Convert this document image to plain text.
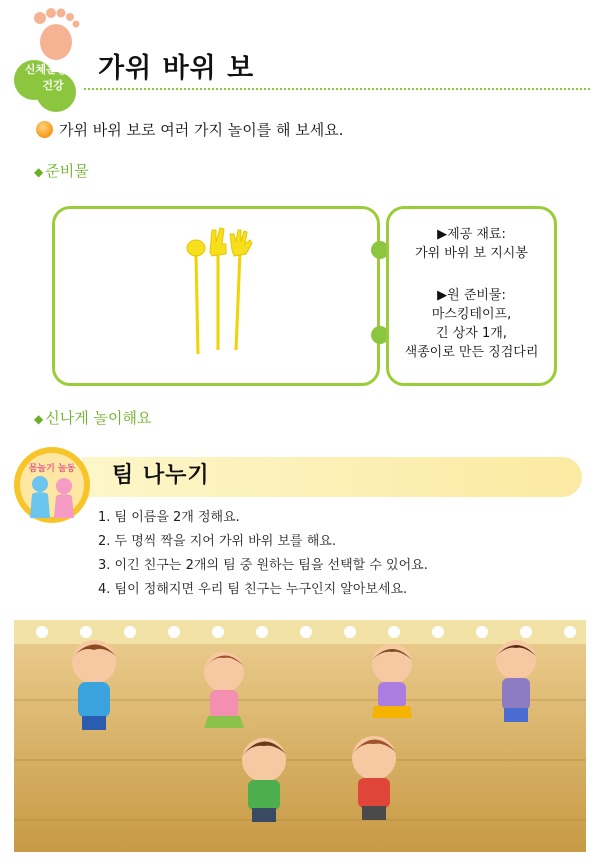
신체운동
건강
가위 바위 보
가위 바위 보로 여러 가지 놀이를 해 보세요.
◆ 준비물
▶제공 재료:
가위 바위 보 지시봉
▶원 준비물:
마스킹테이프,
긴 상자 1개,
색종이로 만든 징검다리
◆ 신나게 놀이해요
몸놀기 놀동	팀 나누기
1. 팀 이름을 2개 정해요.
2. 두 명씩 짝을 지어 가위 바위 보를 해요.
3. 이긴 친구는 2개의 팀 중 원하는 팀을 선택할 수 있어요.
4. 팀이 정해지면 우리 팀 친구는 누구인지 알아보세요.
